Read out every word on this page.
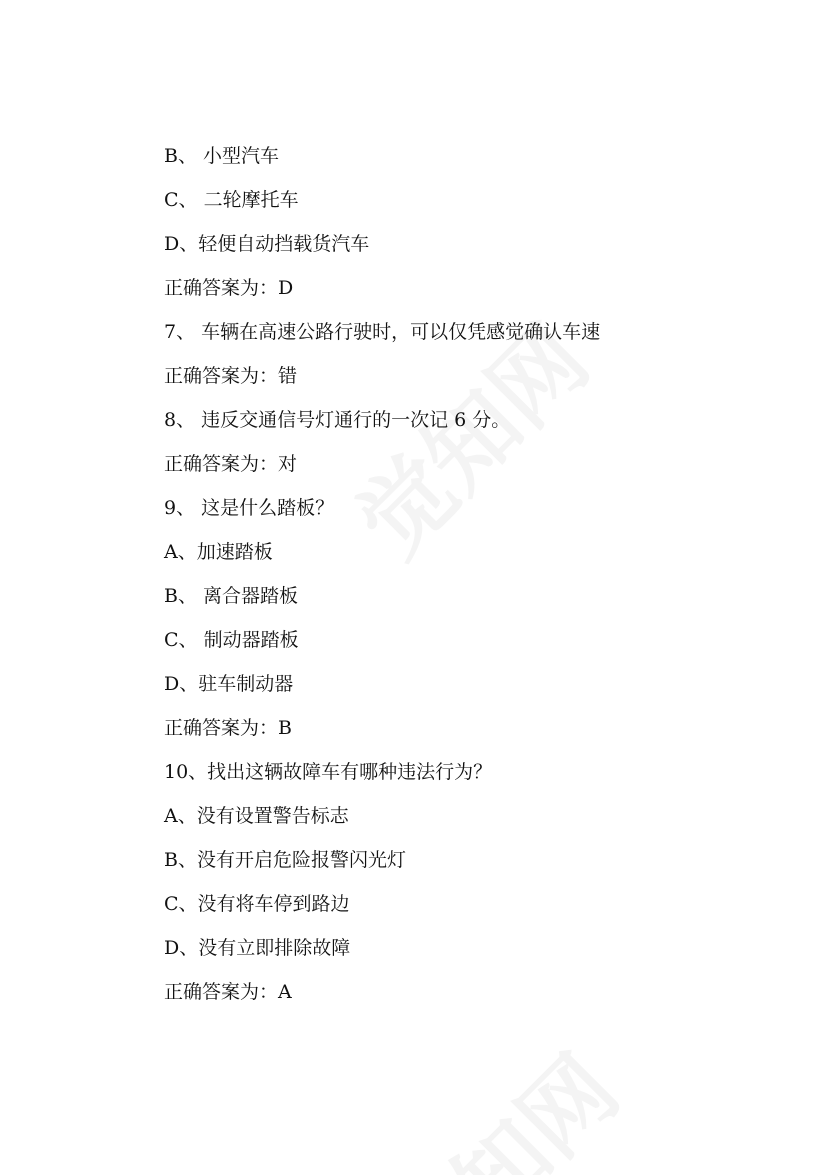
B、 小型汽车
C、 二轮摩托车
D、轻便自动挡载货汽车
正确答案为：D
7、 车辆在高速公路行驶时，可以仅凭感觉确认车速
正确答案为：错
8、 违反交通信号灯通行的一次记 6 分。
正确答案为：对
9、 这是什么踏板？
A、加速踏板
B、 离合器踏板
C、 制动器踏板
D、驻车制动器
正确答案为：B
10、找出这辆故障车有哪种违法行为？
A、没有设置警告标志
B、没有开启危险报警闪光灯
C、没有将车停到路边
D、没有立即排除故障
正确答案为：A
